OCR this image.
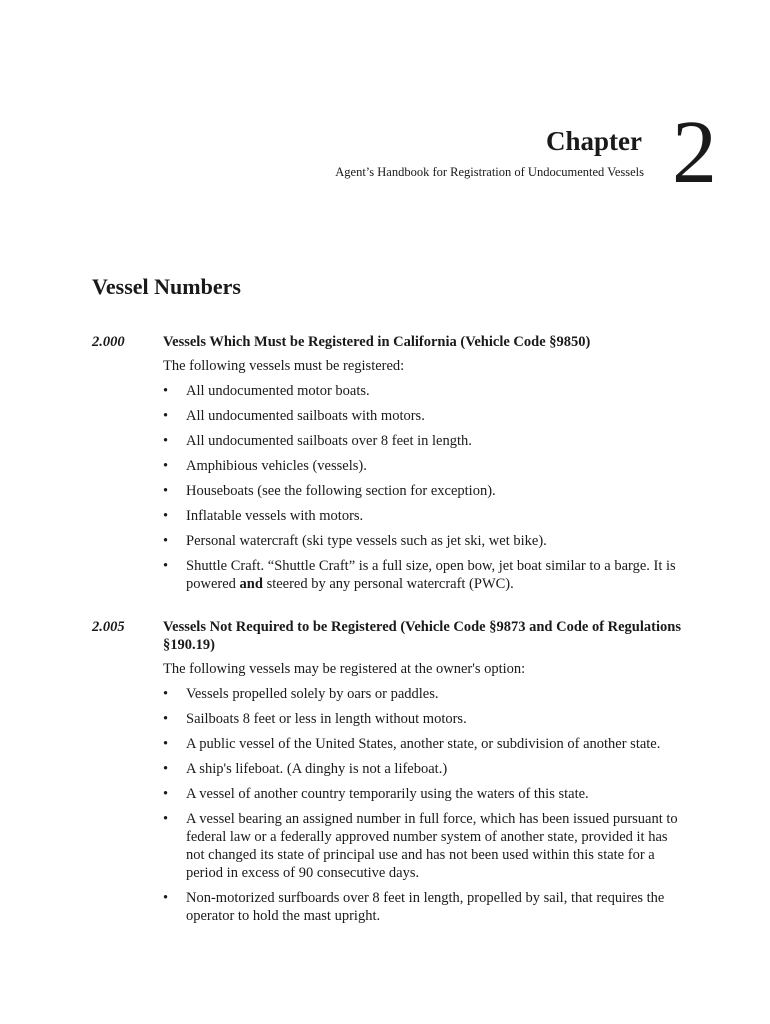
Chapter
Agent’s Handbook for Registration of Undocumented Vessels 2
Vessel Numbers
2.000	Vessels Which Must be Registered in California (Vehicle Code §9850)
The following vessels must be registered:
• All undocumented motor boats.
• All undocumented sailboats with motors.
• All undocumented sailboats over 8 feet in length.
• Amphibious vehicles (vessels).
• Houseboats (see the following section for exception).
• Inflatable vessels with motors.
• Personal watercraft (ski type vessels such as jet ski, wet bike).
• Shuttle Craft. “Shuttle Craft” is a full size, open bow, jet boat similar to a barge. It is powered and steered by any personal watercraft (PWC).
2.005	Vessels Not Required to be Registered (Vehicle Code §9873 and Code of Regulations §190.19)
The following vessels may be registered at the owner's option:
• Vessels propelled solely by oars or paddles.
• Sailboats 8 feet or less in length without motors.
• A public vessel of the United States, another state, or subdivision of another state.
• A ship's lifeboat. (A dinghy is not a lifeboat.)
• A vessel of another country temporarily using the waters of this state.
• A vessel bearing an assigned number in full force, which has been issued pursuant to federal law or a federally approved number system of another state, provided it has not changed its state of principal use and has not been used within this state for a period in excess of 90 consecutive days.
• Non-motorized surfboards over 8 feet in length, propelled by sail, that requires the operator to hold the mast upright.
